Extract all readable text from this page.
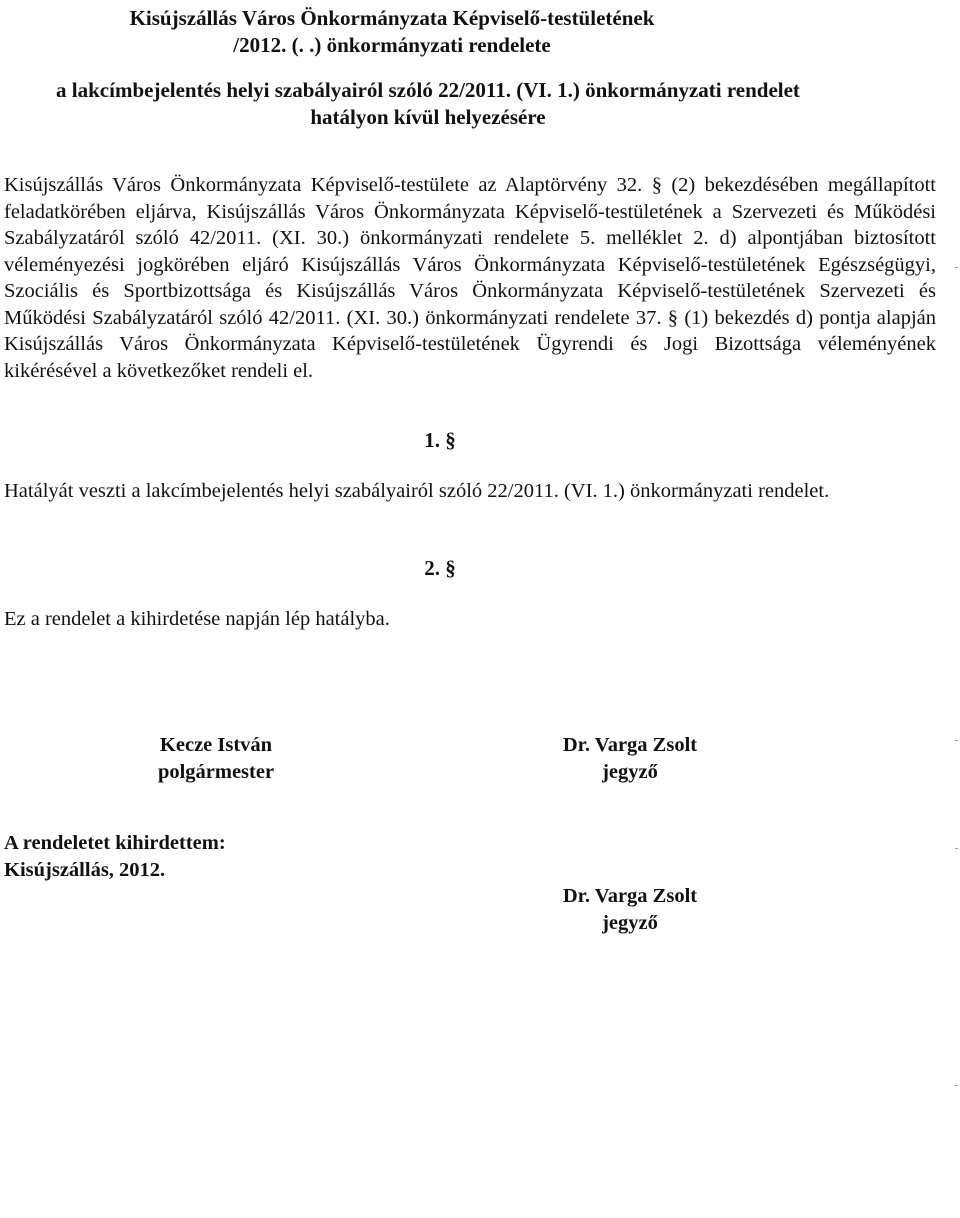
Kisújszállás Város Önkormányzata Képviselő-testületének
/2012. (. .) önkormányzati rendelete
a lakcímbejelentés helyi szabályairól szóló 22/2011. (VI. 1.) önkormányzati rendelet
hatályon kívül helyezésére
Kisújszállás Város Önkormányzata Képviselő-testülete az Alaptörvény 32. § (2) bekezdésében megállapított feladatkörében eljárva, Kisújszállás Város Önkormányzata Képviselő-testületének a Szervezeti és Működési Szabályzatáról szóló 42/2011. (XI. 30.) önkormányzati rendelete 5. melléklet 2. d) alpontjában biztosított véleményezési jogkörében eljáró Kisújszállás Város Önkormányzata Képviselő-testületének Egészségügyi, Szociális és Sportbizottsága és Kisújszállás Város Önkormányzata Képviselő-testületének Szervezeti és Működési Szabályzatáról szóló 42/2011. (XI. 30.) önkormányzati rendelete 37. § (1) bekezdés d) pontja alapján Kisújszállás Város Önkormányzata Képviselő-testületének Ügyrendi és Jogi Bizottsága véleményének kikérésével a következőket rendeli el.
1. §
Hatályát veszti a lakcímbejelentés helyi szabályairól szóló 22/2011. (VI. 1.) önkormányzati rendelet.
2. §
Ez a rendelet a kihirdetése napján lép hatályba.
Kecze István
polgármester
Dr. Varga Zsolt
jegyző
A rendeletet kihirdettem:
Kisújszállás, 2012.
Dr. Varga Zsolt
jegyző
